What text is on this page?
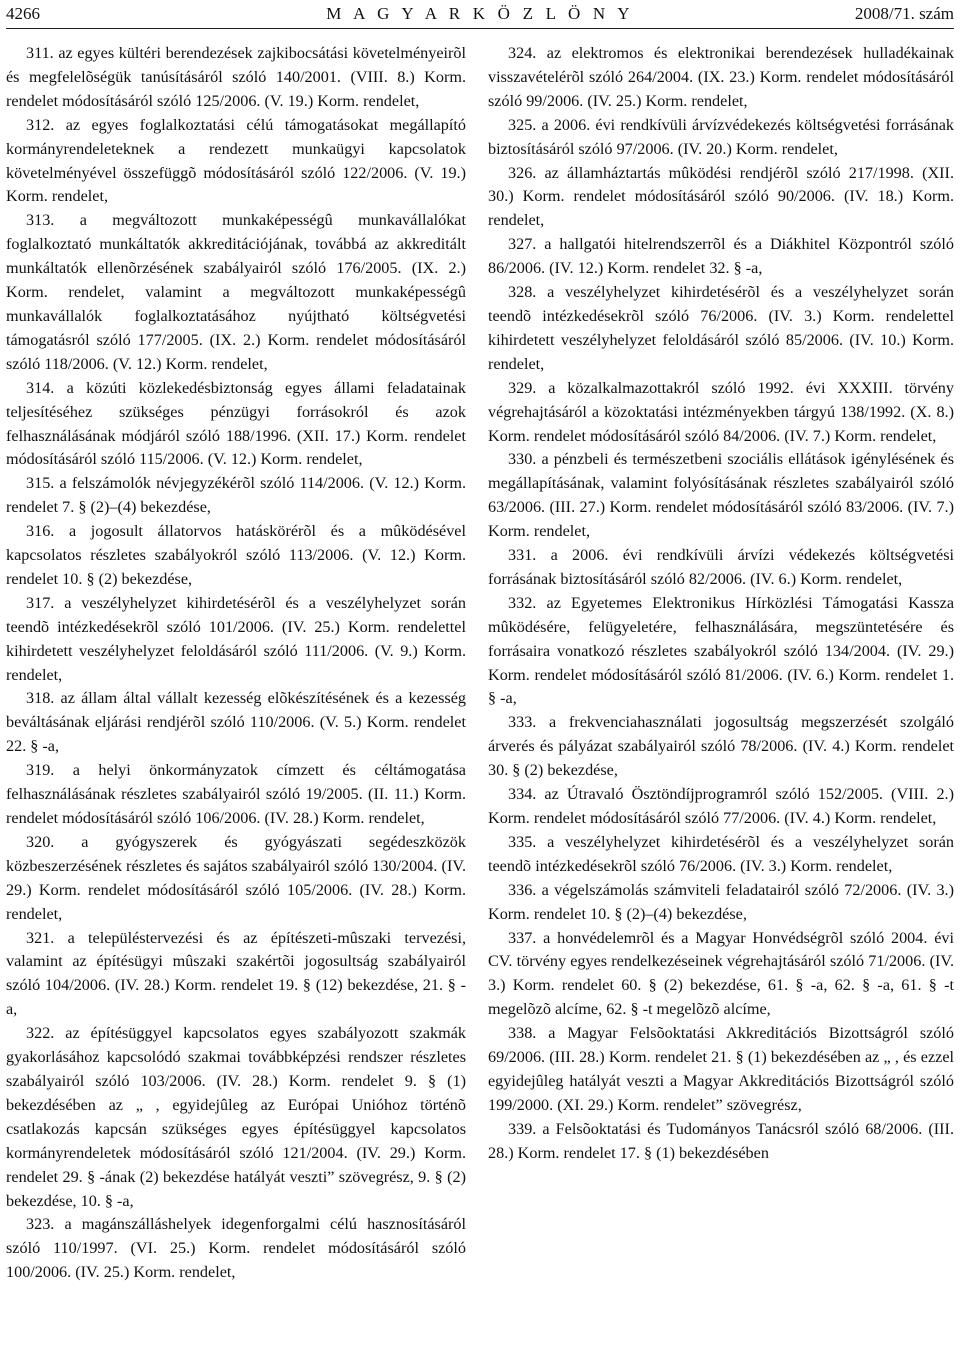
4266	M A G Y A R K Ö Z L Ö N Y	2008/71. szám

311. az egyes kültéri berendezések zajkibocsátási követelményeirõl és megfelelõségük tanúsításáról szóló 140/2001. (VIII. 8.) Korm. rendelet módosításáról szóló 125/2006. (V. 19.) Korm. rendelet,

312. az egyes foglalkoztatási célú támogatásokat megállapító kormányrendeleteknek a rendezett munkaügyi kapcsolatok követelményével összefüggõ módosításáról szóló 122/2006. (V. 19.) Korm. rendelet,

313. a megváltozott munkaképességû munkavállalókat foglalkoztató munkáltatók akkreditációjának, továbbá az akkreditált munkáltatók ellenõrzésének szabályairól szóló 176/2005. (IX. 2.) Korm. rendelet, valamint a megváltozott munkaképességû munkavállalók foglalkoztatásához nyújtható költségvetési támogatásról szóló 177/2005. (IX. 2.) Korm. rendelet módosításáról szóló 118/2006. (V. 12.) Korm. rendelet,

314. a közúti közlekedésbiztonság egyes állami feladatainak teljesítéséhez szükséges pénzügyi forrásokról és azok felhasználásának módjáról szóló 188/1996. (XII. 17.) Korm. rendelet módosításáról szóló 115/2006. (V. 12.) Korm. rendelet,

315. a felszámolók névjegyzékérõl szóló 114/2006. (V. 12.) Korm. rendelet 7. § (2)–(4) bekezdése,

316. a jogosult állatorvos hatáskörérõl és a mûködésével kapcsolatos részletes szabályokról szóló 113/2006. (V. 12.) Korm. rendelet 10. § (2) bekezdése,

317. a veszélyhelyzet kihirdetésérõl és a veszélyhelyzet során teendõ intézkedésekrõl szóló 101/2006. (IV. 25.) Korm. rendelettel kihirdetett veszélyhelyzet feloldásáról szóló 111/2006. (V. 9.) Korm. rendelet,

318. az állam által vállalt kezesség elõkészítésének és a kezesség beváltásának eljárási rendjérõl szóló 110/2006. (V. 5.) Korm. rendelet 22. § -a,

319. a helyi önkormányzatok címzett és céltámogatása felhasználásának részletes szabályairól szóló 19/2005. (II. 11.) Korm. rendelet módosításáról szóló 106/2006. (IV. 28.) Korm. rendelet,

320. a gyógyszerek és gyógyászati segédeszközök közbeszerzésének részletes és sajátos szabályairól szóló 130/2004. (IV. 29.) Korm. rendelet módosításáról szóló 105/2006. (IV. 28.) Korm. rendelet,

321. a településtervezési és az építészeti-mûszaki tervezési, valamint az építésügyi mûszaki szakértõi jogosultság szabályairól szóló 104/2006. (IV. 28.) Korm. rendelet 19. § (12) bekezdése, 21. § -a,

322. az építésüggyel kapcsolatos egyes szabályozott szakmák gyakorlásához kapcsolódó szakmai továbbképzési rendszer részletes szabályairól szóló 103/2006. (IV. 28.) Korm. rendelet 9. § (1) bekezdésében az „ , egyidejûleg az Európai Unióhoz történõ csatlakozás kapcsán szükséges egyes építésüggyel kapcsolatos kormányrendeletek módosításáról szóló 121/2004. (IV. 29.) Korm. rendelet 29. § -ának (2) bekezdése hatályát veszti” szövegrész, 9. § (2) bekezdése, 10. § -a,

323. a magánszálláshelyek idegenforgalmi célú hasznosításáról szóló 110/1997. (VI. 25.) Korm. rendelet módosításáról szóló 100/2006. (IV. 25.) Korm. rendelet,

324. az elektromos és elektronikai berendezések hulladékainak visszavételérõl szóló 264/2004. (IX. 23.) Korm. rendelet módosításáról szóló 99/2006. (IV. 25.) Korm. rendelet,

325. a 2006. évi rendkívüli árvízvédekezés költségvetési forrásának biztosításáról szóló 97/2006. (IV. 20.) Korm. rendelet,

326. az államháztartás mûködési rendjérõl szóló 217/1998. (XII. 30.) Korm. rendelet módosításáról szóló 90/2006. (IV. 18.) Korm. rendelet,

327. a hallgatói hitelrendszerrõl és a Diákhitel Központról szóló 86/2006. (IV. 12.) Korm. rendelet 32. § -a,

328. a veszélyhelyzet kihirdetésérõl és a veszélyhelyzet során teendõ intézkedésekrõl szóló 76/2006. (IV. 3.) Korm. rendelettel kihirdetett veszélyhelyzet feloldásáról szóló 85/2006. (IV. 10.) Korm. rendelet,

329. a közalkalmazottakról szóló 1992. évi XXXIII. törvény végrehajtásáról a közoktatási intézményekben tárgyú 138/1992. (X. 8.) Korm. rendelet módosításáról szóló 84/2006. (IV. 7.) Korm. rendelet,

330. a pénzbeli és természetbeni szociális ellátások igénylésének és megállapításának, valamint folyósításának részletes szabályairól szóló 63/2006. (III. 27.) Korm. rendelet módosításáról szóló 83/2006. (IV. 7.) Korm. rendelet,

331. a 2006. évi rendkívüli árvízi védekezés költségvetési forrásának biztosításáról szóló 82/2006. (IV. 6.) Korm. rendelet,

332. az Egyetemes Elektronikus Hírközlési Támogatási Kassza mûködésére, felügyeletére, felhasználására, megszüntetésére és forrásaira vonatkozó részletes szabályokról szóló 134/2004. (IV. 29.) Korm. rendelet módosításáról szóló 81/2006. (IV. 6.) Korm. rendelet 1. § -a,

333. a frekvenciahasználati jogosultság megszerzését szolgáló árverés és pályázat szabályairól szóló 78/2006. (IV. 4.) Korm. rendelet 30. § (2) bekezdése,

334. az Útravaló Ösztöndíjprogramról szóló 152/2005. (VIII. 2.) Korm. rendelet módosításáról szóló 77/2006. (IV. 4.) Korm. rendelet,

335. a veszélyhelyzet kihirdetésérõl és a veszélyhelyzet során teendõ intézkedésekrõl szóló 76/2006. (IV. 3.) Korm. rendelet,

336. a végelszámolás számviteli feladatairól szóló 72/2006. (IV. 3.) Korm. rendelet 10. § (2)–(4) bekezdése,

337. a honvédelemrõl és a Magyar Honvédségrõl szóló 2004. évi CV. törvény egyes rendelkezéseinek végrehajtásáról szóló 71/2006. (IV. 3.) Korm. rendelet 60. § (2) bekezdése, 61. § -a, 62. § -a, 61. § -t megelõzõ alcíme, 62. § -t megelõzõ alcíme,

338. a Magyar Felsõoktatási Akkreditációs Bizottságról szóló 69/2006. (III. 28.) Korm. rendelet 21. § (1) bekezdésében az „ , és ezzel egyidejûleg hatályát veszti a Magyar Akkreditációs Bizottságról szóló 199/2000. (XI. 29.) Korm. rendelet” szövegrész,

339. a Felsõoktatási és Tudományos Tanácsról szóló 68/2006. (III. 28.) Korm. rendelet 17. § (1) bekezdésében
